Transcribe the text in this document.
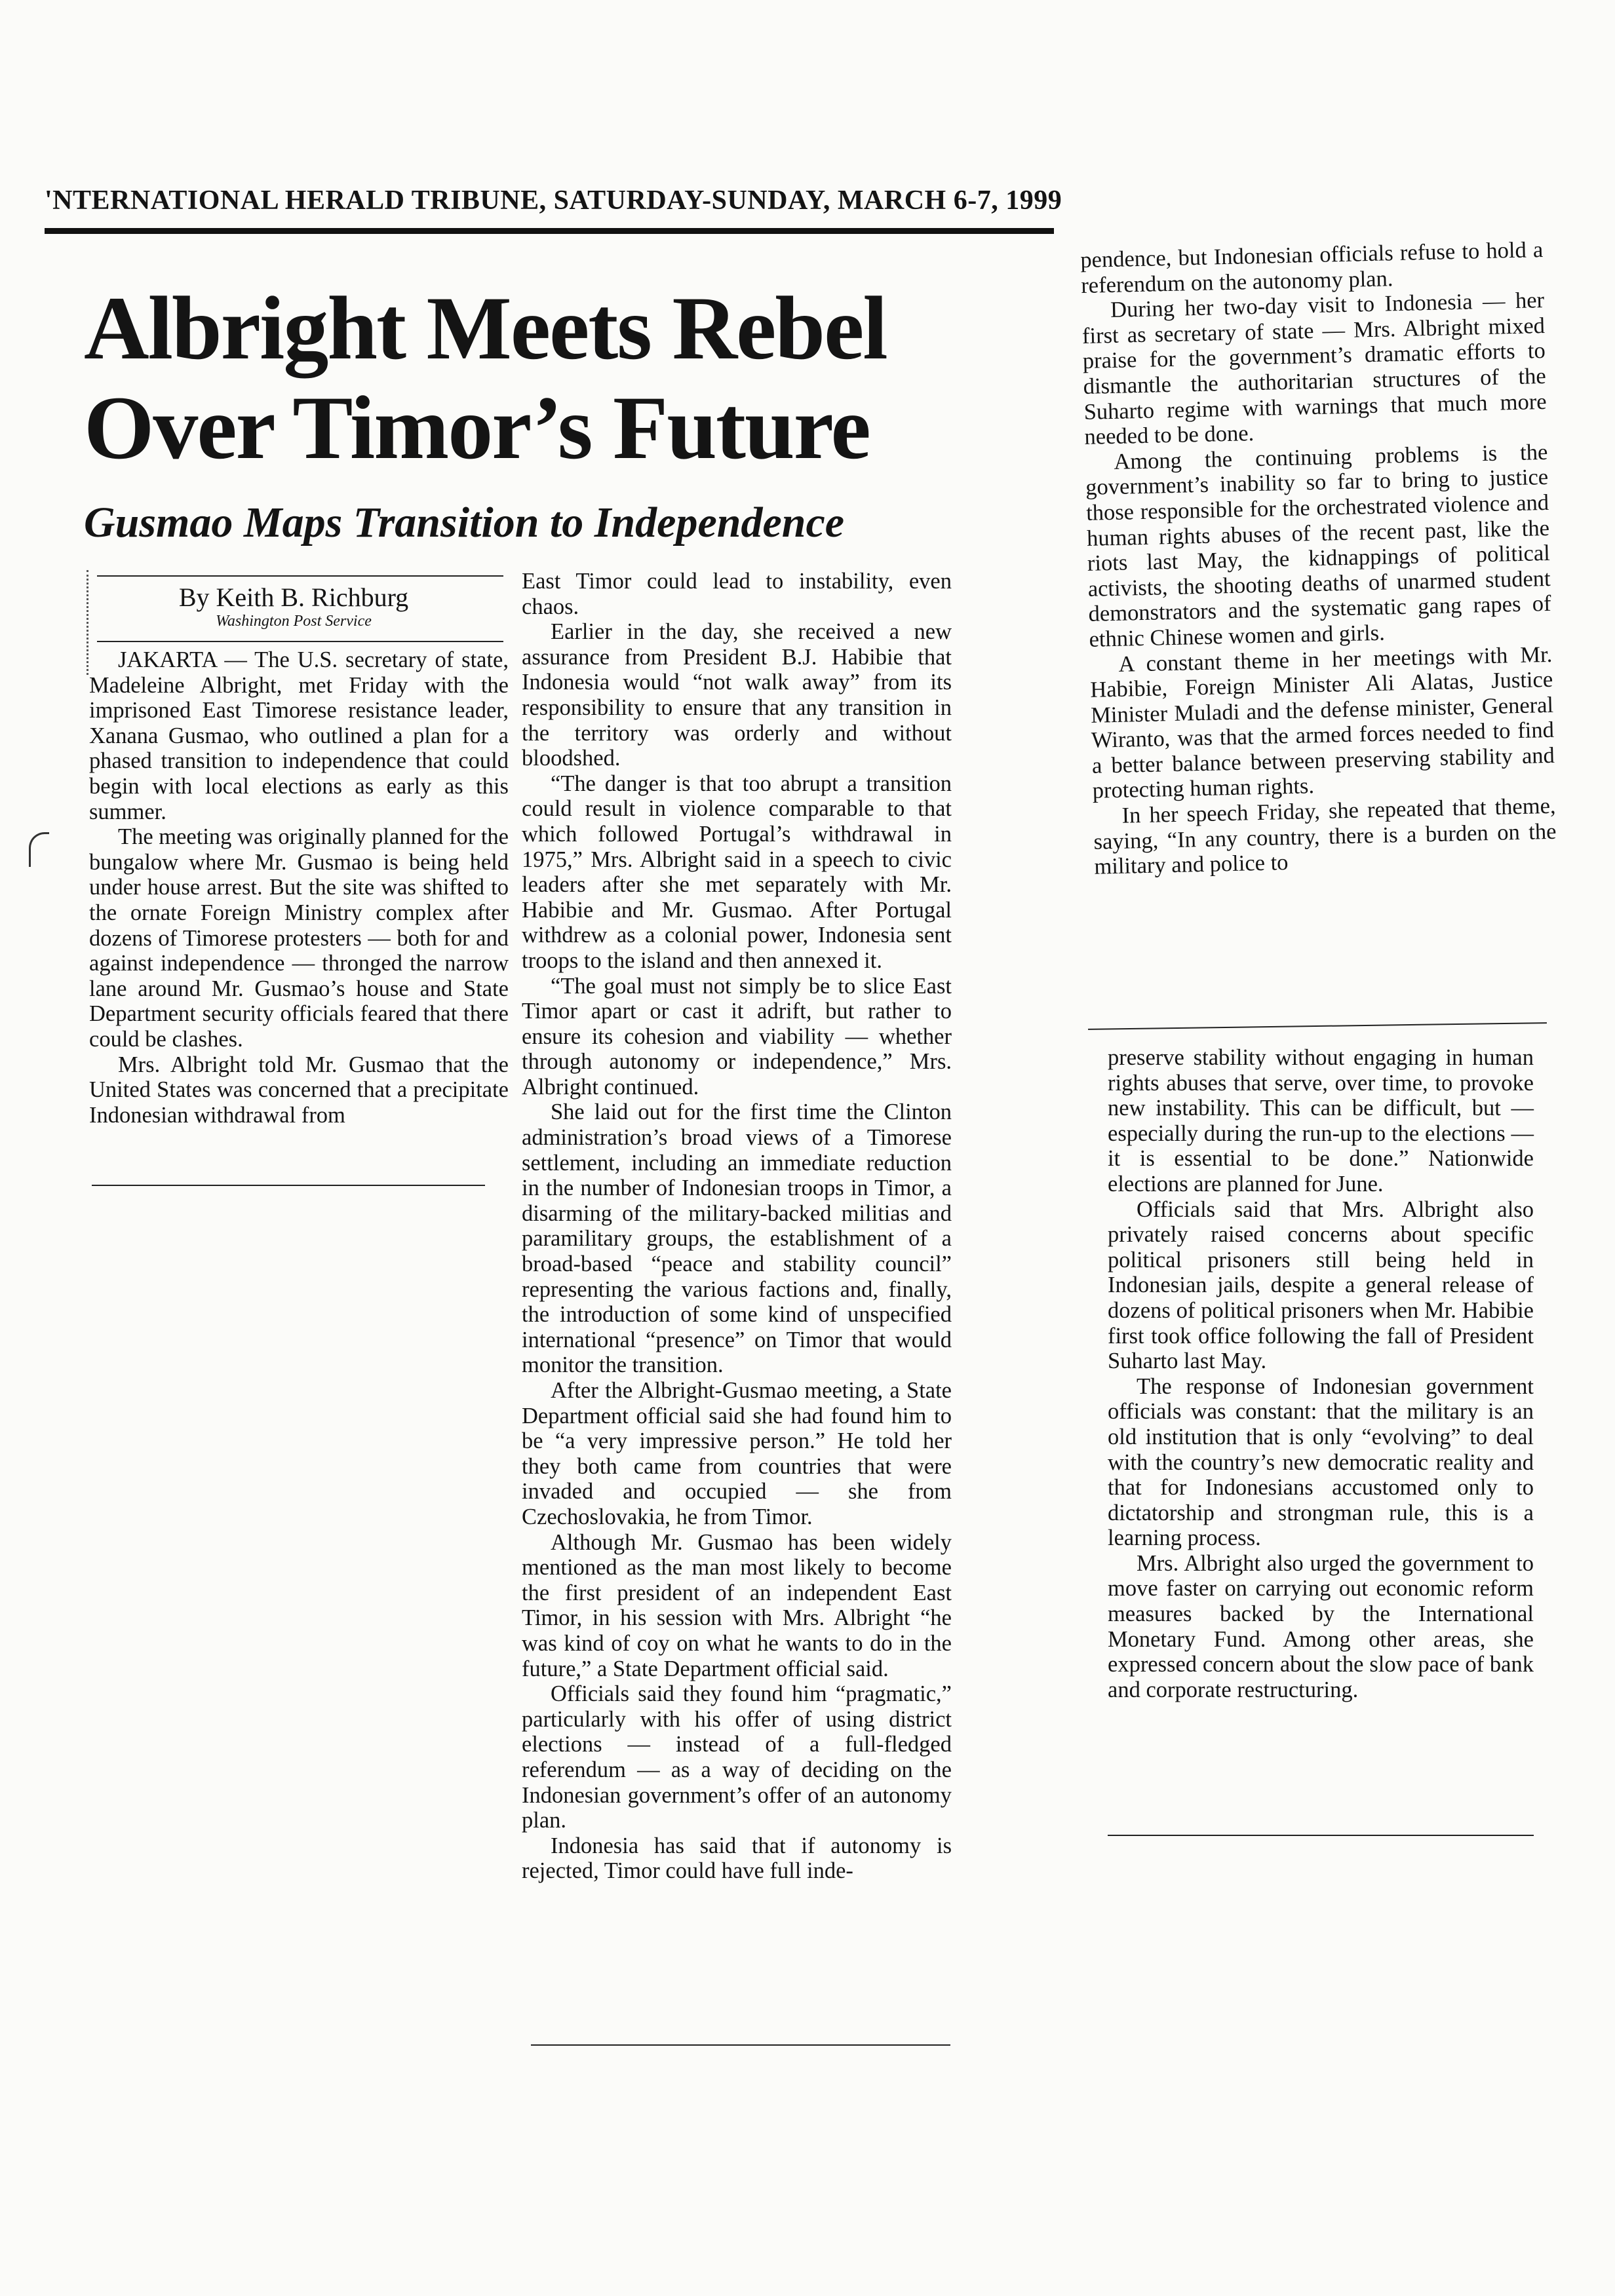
'NTERNATIONAL HERALD TRIBUNE, SATURDAY-SUNDAY, MARCH 6-7, 1999
Albright Meets Rebel
Over Timor’s Future
Gusmao Maps Transition to Independence
By Keith B. Richburg
Washington Post Service

JAKARTA — The U.S. secretary of state, Madeleine Albright, met Friday with the imprisoned East Timorese resistance leader, Xanana Gusmao, who outlined a plan for a phased transition to independence that could begin with local elections as early as this summer.

The meeting was originally planned for the bungalow where Mr. Gusmao is being held under house arrest. But the site was shifted to the ornate Foreign Ministry complex after dozens of Timorese protesters — both for and against independence — thronged the narrow lane around Mr. Gusmao’s house and State Department security officials feared that there could be clashes.

Mrs. Albright told Mr. Gusmao that the United States was concerned that a precipitate Indonesian withdrawal from

East Timor could lead to instability, even chaos.

Earlier in the day, she received a new assurance from President B.J. Habibie that Indonesia would “not walk away” from its responsibility to ensure that any transition in the territory was orderly and without bloodshed.

“The danger is that too abrupt a transition could result in violence comparable to that which followed Portugal’s withdrawal in 1975,” Mrs. Albright said in a speech to civic leaders after she met separately with Mr. Habibie and Mr. Gusmao. After Portugal withdrew as a colonial power, Indonesia sent troops to the island and then annexed it.

“The goal must not simply be to slice East Timor apart or cast it adrift, but rather to ensure its cohesion and viability — whether through autonomy or independence,” Mrs. Albright continued.

She laid out for the first time the Clinton administration’s broad views of a Timorese settlement, including an immediate reduction in the number of Indonesian troops in Timor, a disarming of the military-backed militias and paramilitary groups, the establishment of a broad-based “peace and stability council” representing the various factions and, finally, the introduction of some kind of unspecified international “presence” on Timor that would monitor the transition.

After the Albright-Gusmao meeting, a State Department official said she had found him to be “a very impressive person.” He told her they both came from countries that were invaded and occupied — she from Czechoslovakia, he from Timor.

Although Mr. Gusmao has been widely mentioned as the man most likely to become the first president of an independent East Timor, in his session with Mrs. Albright “he was kind of coy on what he wants to do in the future,” a State Department official said.

Officials said they found him “pragmatic,” particularly with his offer of using district elections — instead of a full-fledged referendum — as a way of deciding on the Indonesian government’s offer of an autonomy plan.

Indonesia has said that if autonomy is rejected, Timor could have full inde-

pendence, but Indonesian officials refuse to hold a referendum on the autonomy plan.

During her two-day visit to Indonesia — her first as secretary of state — Mrs. Albright mixed praise for the government’s dramatic efforts to dismantle the authoritarian structures of the Suharto regime with warnings that much more needed to be done.

Among the continuing problems is the government’s inability so far to bring to justice those responsible for the orchestrated violence and human rights abuses of the recent past, like the riots last May, the kidnappings of political activists, the shooting deaths of unarmed student demonstrators and the systematic gang rapes of ethnic Chinese women and girls.

A constant theme in her meetings with Mr. Habibie, Foreign Minister Ali Alatas, Justice Minister Muladi and the defense minister, General Wiranto, was that the armed forces needed to find a better balance between preserving stability and protecting human rights.

In her speech Friday, she repeated that theme, saying, “In any country, there is a burden on the military and police to

preserve stability without engaging in human rights abuses that serve, over time, to provoke new instability. This can be difficult, but — especially during the run-up to the elections — it is essential to be done.” Nationwide elections are planned for June.

Officials said that Mrs. Albright also privately raised concerns about specific political prisoners still being held in Indonesian jails, despite a general release of dozens of political prisoners when Mr. Habibie first took office following the fall of President Suharto last May.

The response of Indonesian government officials was constant: that the military is an old institution that is only “evolving” to deal with the country’s new democratic reality and that for Indonesians accustomed only to dictatorship and strongman rule, this is a learning process.

Mrs. Albright also urged the government to move faster on carrying out economic reform measures backed by the International Monetary Fund. Among other areas, she expressed concern about the slow pace of bank and corporate restructuring.
